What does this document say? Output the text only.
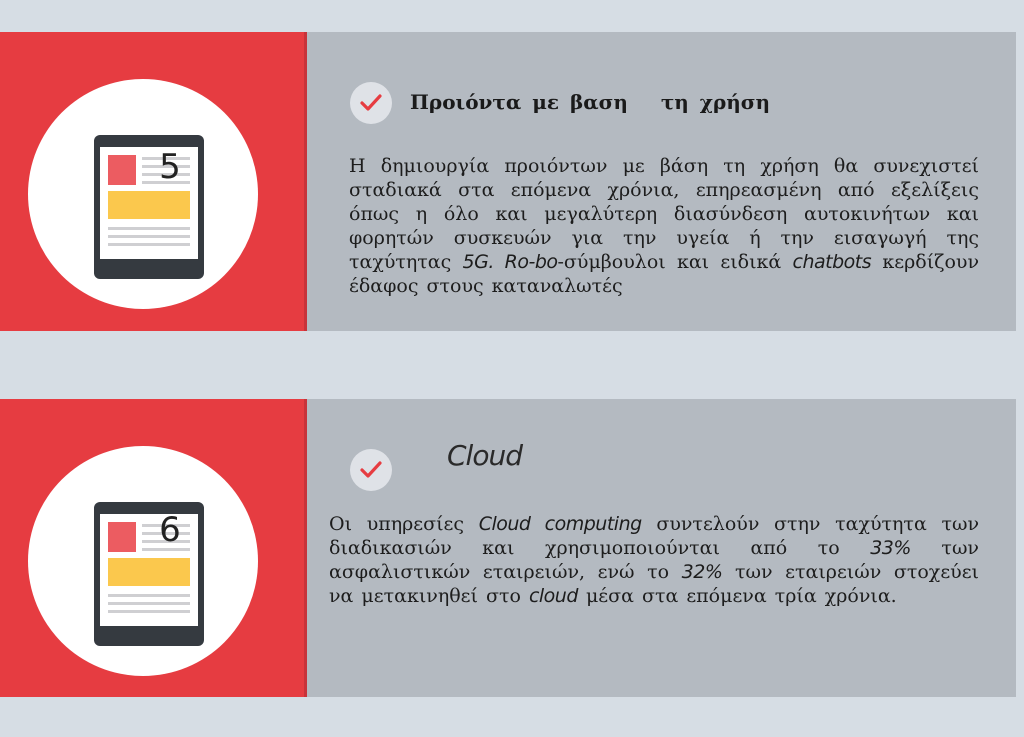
5
Προιόντα με βαση   τη χρήση
Η δημιουργία προιόντων με βάση τη χρήση θα συνεχιστεί σταδιακά στα επόμενα χρόνια, επηρεασμένη από εξελίξεις όπως η όλο και μεγαλύτερη διασύνδεση αυτοκινήτων και φορητών συσκευών για την υγεία ή την εισαγωγή της ταχύτητας 5G. Ro-bo-σύμβουλοι και ειδικά chatbots κερδίζουν έδαφος στους καταναλωτές
6
Cloud
Οι υπηρεσίες Cloud computing συντελούν στην ταχύτητα των διαδικασιών και χρησιμοποιούνται από το 33% των ασφαλιστικών εταιρειών, ενώ το 32% των εταιρειών στοχεύει να μετακινηθεί στο cloud μέσα στα επόμενα τρία χρόνια.
